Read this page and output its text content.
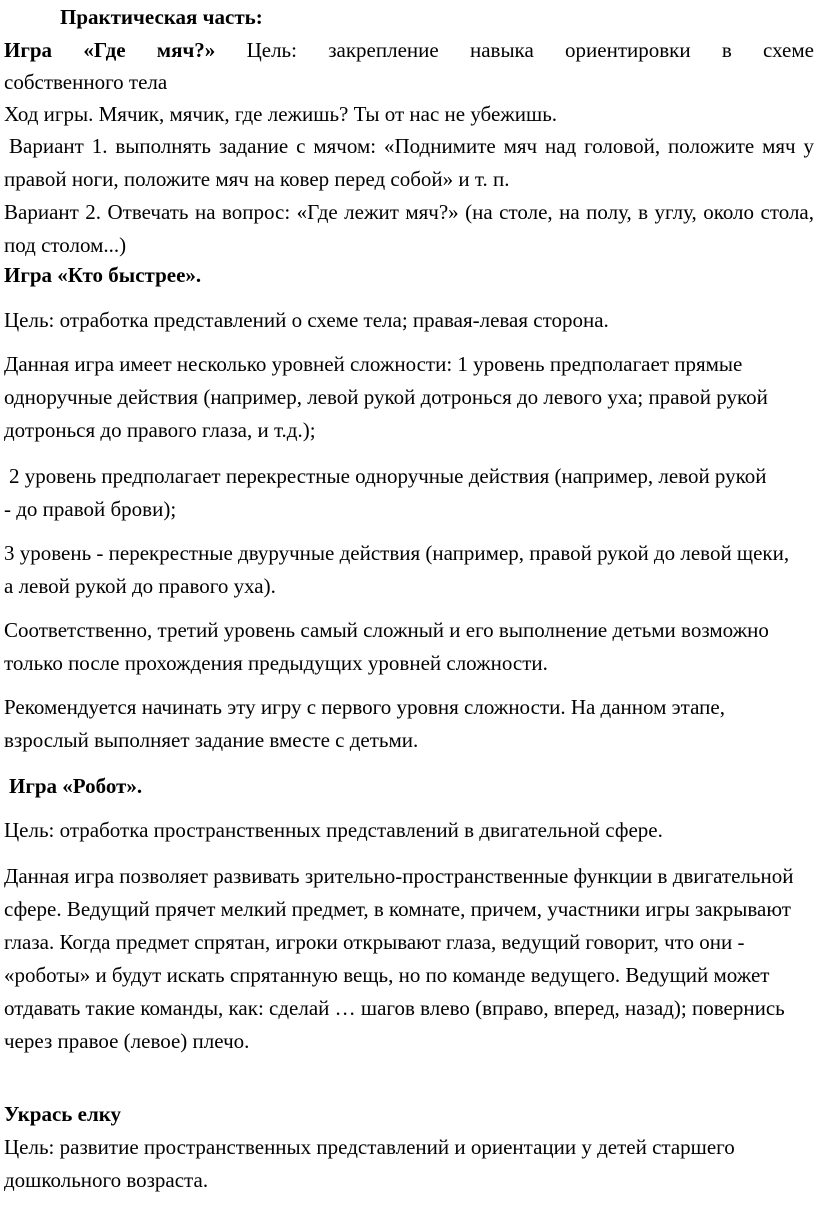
Практическая часть:

Игра «Где мяч?» Цель: закрепление навыка ориентировки в схеме

собственного тела

Ход игры. Мячик, мячик, где лежишь? Ты от нас не убежишь.

Вариант 1. выполнять задание с мячом: «Поднимите мяч над головой, положите мяч у правой ноги, положите мяч на ковер перед собой» и т. п.

Вариант 2. Отвечать на вопрос: «Где лежит мяч?» (на столе, на полу, в углу, около стола, под столом...)

Игра «Кто быстрее».

Цель: отработка представлений о схеме тела; правая-левая сторона.

Данная игра имеет несколько уровней сложности: 1 уровень предполагает прямые одноручные действия (например, левой рукой дотронься до левого уха; правой рукой дотронься до правого глаза, и т.д.);

2 уровень предполагает перекрестные одноручные действия (например, левой рукой - до правой брови);

3 уровень - перекрестные двуручные действия (например, правой рукой до левой щеки, а левой рукой до правого уха).

Соответственно, третий уровень самый сложный и его выполнение детьми возможно только после прохождения предыдущих уровней сложности.

Рекомендуется начинать эту игру с первого уровня сложности. На данном этапе, взрослый выполняет задание вместе с детьми.

Игра «Робот».

Цель: отработка пространственных представлений в двигательной сфере.

Данная игра позволяет развивать зрительно-пространственные функции в двигательной сфере. Ведущий прячет мелкий предмет, в комнате, причем, участники игры закрывают глаза. Когда предмет спрятан, игроки открывают глаза, ведущий говорит, что они - «роботы» и будут искать спрятанную вещь, но по команде ведущего. Ведущий может отдавать такие команды, как: сделай … шагов влево (вправо, вперед, назад); повернись через правое (левое) плечо.

Укрась елку

Цель: развитие пространственных представлений и ориентации у детей старшего дошкольного возраста.
